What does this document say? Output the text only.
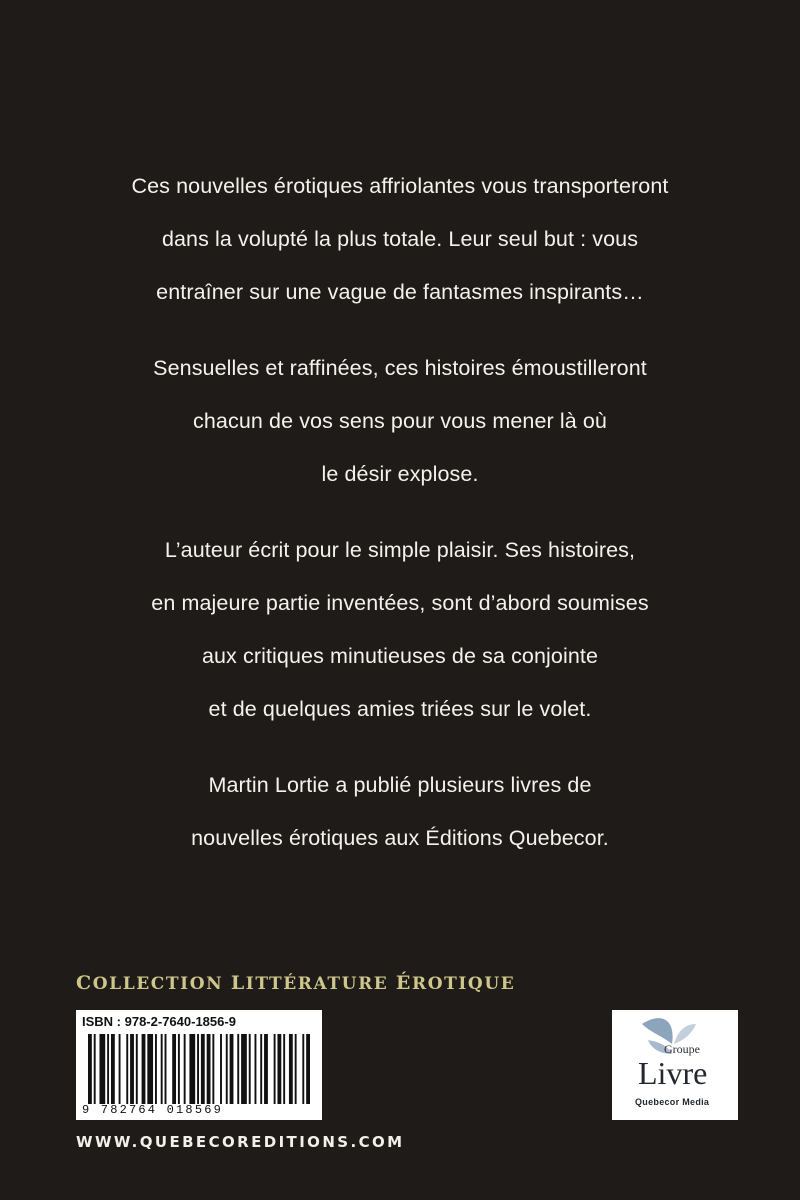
Ces nouvelles érotiques affriolantes vous transporteront
dans la volupté la plus totale. Leur seul but : vous
entraîner sur une vague de fantasmes inspirants…
Sensuelles et raffinées, ces histoires émoustilleront
chacun de vos sens pour vous mener là où
le désir explose.
L’auteur écrit pour le simple plaisir. Ses histoires,
en majeure partie inventées, sont d’abord soumises
aux critiques minutieuses de sa conjointe
et de quelques amies triées sur le volet.
Martin Lortie a publié plusieurs livres de
nouvelles érotiques aux Éditions Quebecor.
COLLECTION LITTÉRATURE ÉROTIQUE
ISBN : 978-2-7640-1856-9
9 782764 018569
Groupe
Livre
Quebecor Media
WWW.QUEBECOREDITIONS.COM
